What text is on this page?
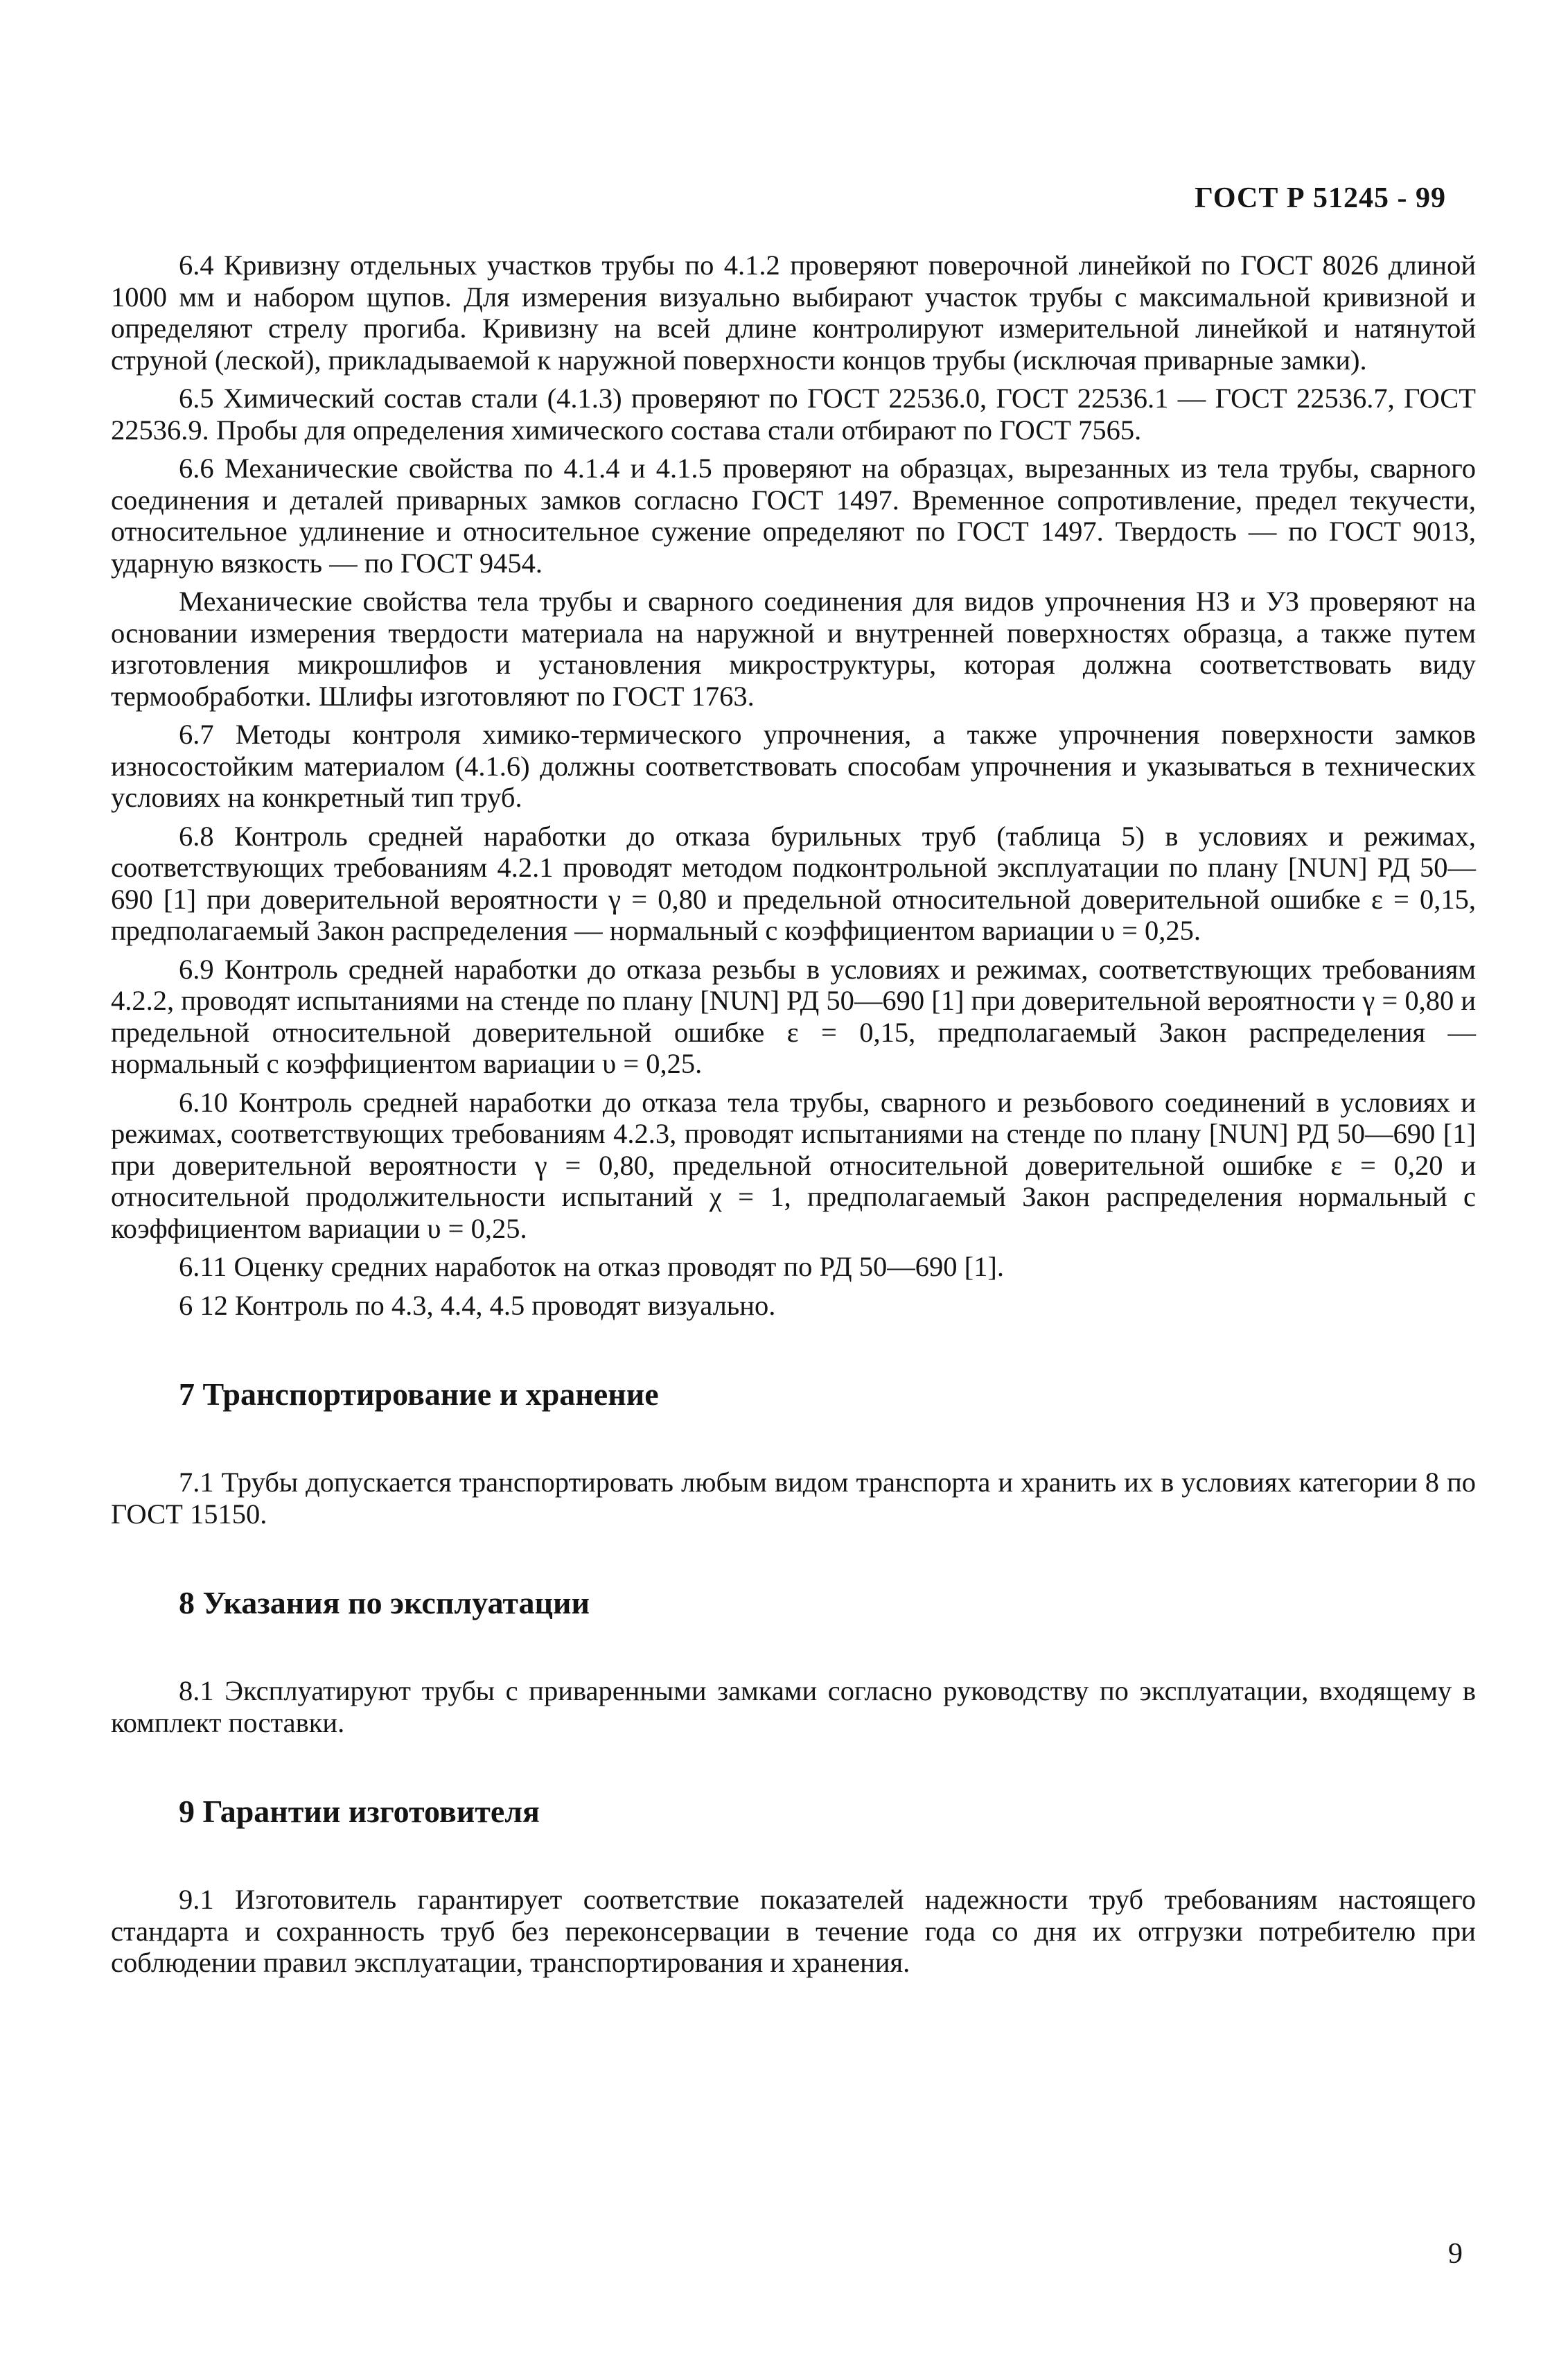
ГОСТ Р 51245 - 99

6.4 Кривизну отдельных участков трубы по 4.1.2 проверяют поверочной линейкой по ГОСТ 8026 длиной 1000 мм и набором щупов. Для измерения визуально выбирают участок трубы с максимальной кривизной и определяют стрелу прогиба. Кривизну на всей длине контролируют измерительной линейкой и натянутой струной (леской), прикладываемой к наружной поверхности концов трубы (исключая приварные замки).

6.5 Химический состав стали (4.1.3) проверяют по ГОСТ 22536.0, ГОСТ 22536.1 — ГОСТ 22536.7, ГОСТ 22536.9. Пробы для определения химического состава стали отбирают по ГОСТ 7565.

6.6 Механические свойства по 4.1.4 и 4.1.5 проверяют на образцах, вырезанных из тела трубы, сварного соединения и деталей приварных замков согласно ГОСТ 1497. Временное сопротивление, предел текучести, относительное удлинение и относительное сужение определяют по ГОСТ 1497. Твердость — по ГОСТ 9013, ударную вязкость — по ГОСТ 9454.

Механические свойства тела трубы и сварного соединения для видов упрочнения НЗ и УЗ проверяют на основании измерения твердости материала на наружной и внутренней поверхностях образца, а также путем изготовления микрошлифов и установления микроструктуры, которая должна соответствовать виду термообработки. Шлифы изготовляют по ГОСТ 1763.

6.7 Методы контроля химико-термического упрочнения, а также упрочнения поверхности замков износостойким материалом (4.1.6) должны соответствовать способам упрочнения и указываться в технических условиях на конкретный тип труб.

6.8 Контроль средней наработки до отказа бурильных труб (таблица 5) в условиях и режимах, соответствующих требованиям 4.2.1 проводят методом подконтрольной эксплуатации по плану [NUN] РД 50—690 [1] при доверительной вероятности γ = 0,80 и предельной относительной доверительной ошибке ε = 0,15, предполагаемый Закон распределения — нормальный с коэффициентом вариации υ = 0,25.

6.9 Контроль средней наработки до отказа резьбы в условиях и режимах, соответствующих требованиям 4.2.2, проводят испытаниями на стенде по плану [NUN] РД 50—690 [1] при доверительной вероятности γ = 0,80 и предельной относительной доверительной ошибке ε = 0,15, предполагаемый Закон распределения — нормальный с коэффициентом вариации υ = 0,25.

6.10 Контроль средней наработки до отказа тела трубы, сварного и резьбового соединений в условиях и режимах, соответствующих требованиям 4.2.3, проводят испытаниями на стенде по плану [NUN] РД 50—690 [1] при доверительной вероятности γ = 0,80, предельной относительной доверительной ошибке ε = 0,20 и относительной продолжительности испытаний χ = 1, предполагаемый Закон распределения нормальный с коэффициентом вариации υ = 0,25.

6.11 Оценку средних наработок на отказ проводят по РД 50—690 [1].

6 12 Контроль по 4.3, 4.4, 4.5 проводят визуально.

7 Транспортирование и хранение

7.1 Трубы допускается транспортировать любым видом транспорта и хранить их в условиях категории 8 по ГОСТ 15150.

8 Указания по эксплуатации

8.1 Эксплуатируют трубы с приваренными замками согласно руководству по эксплуатации, входящему в комплект поставки.

9 Гарантии изготовителя

9.1 Изготовитель гарантирует соответствие показателей надежности труб требованиям настоящего стандарта и сохранность труб без переконсервации в течение года со дня их отгрузки потребителю при соблюдении правил эксплуатации, транспортирования и хранения.

9
